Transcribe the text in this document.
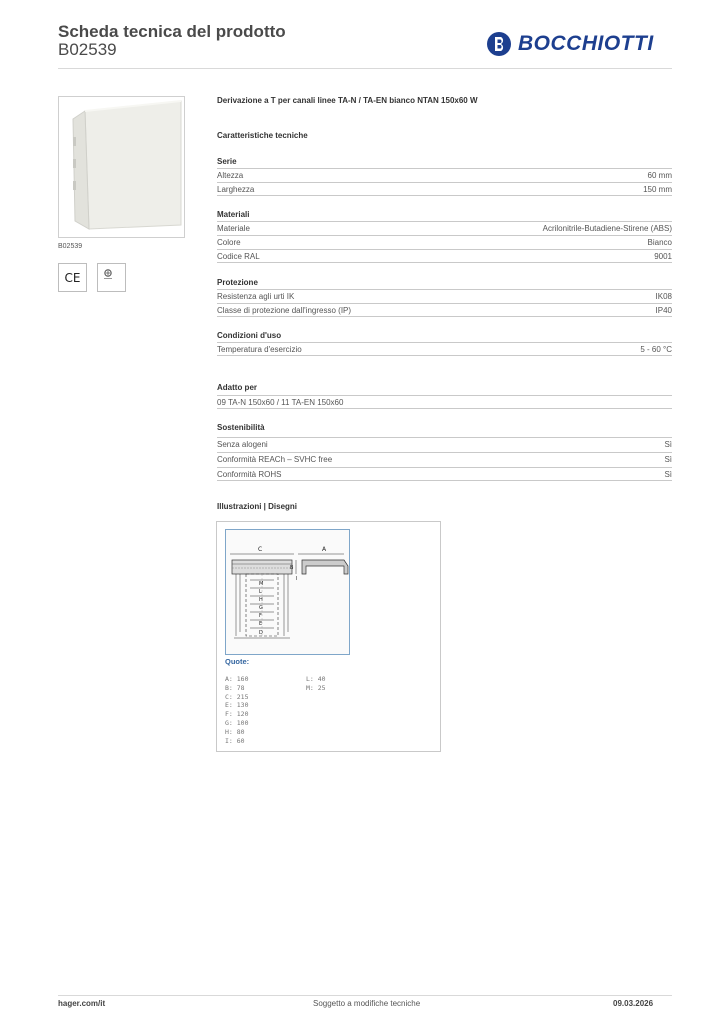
Scheda tecnica del prodotto
B02539	BOCCHIOTTI
B02539
CE
Derivazione a T per canali linee TA-N / TA-EN bianco NTAN 150x60 W
Caratteristiche tecniche
Serie
Altezza	60 mm
Larghezza	150 mm
Materiali
Materiale	Acrilonitrile-Butadiene-Stirene (ABS)
Colore	Bianco
Codice RAL	9001
Protezione
Resistenza agli urti IK	IK08
Classe di protezione dall'ingresso (IP)	IP40
Condizioni d'uso
Temperatura d'esercizio	5 - 60 °C
Adatto per
09 TA-N 150x60 / 11 TA-EN 150x60
Sostenibilità
Senza alogeni	Sì
Conformità REACh – SVHC free	Sì
Conformità ROHS	Sì
Illustrazioni | Disegni
C	A
B
I
M
L
H
G
F
E
D
Quote:
A: 160
B: 78
C: 215
E: 130
F: 120
G: 100
H: 80
I: 60
L: 40
M: 25
hager.com/it	Soggetto a modifiche tecniche	09.03.2026
